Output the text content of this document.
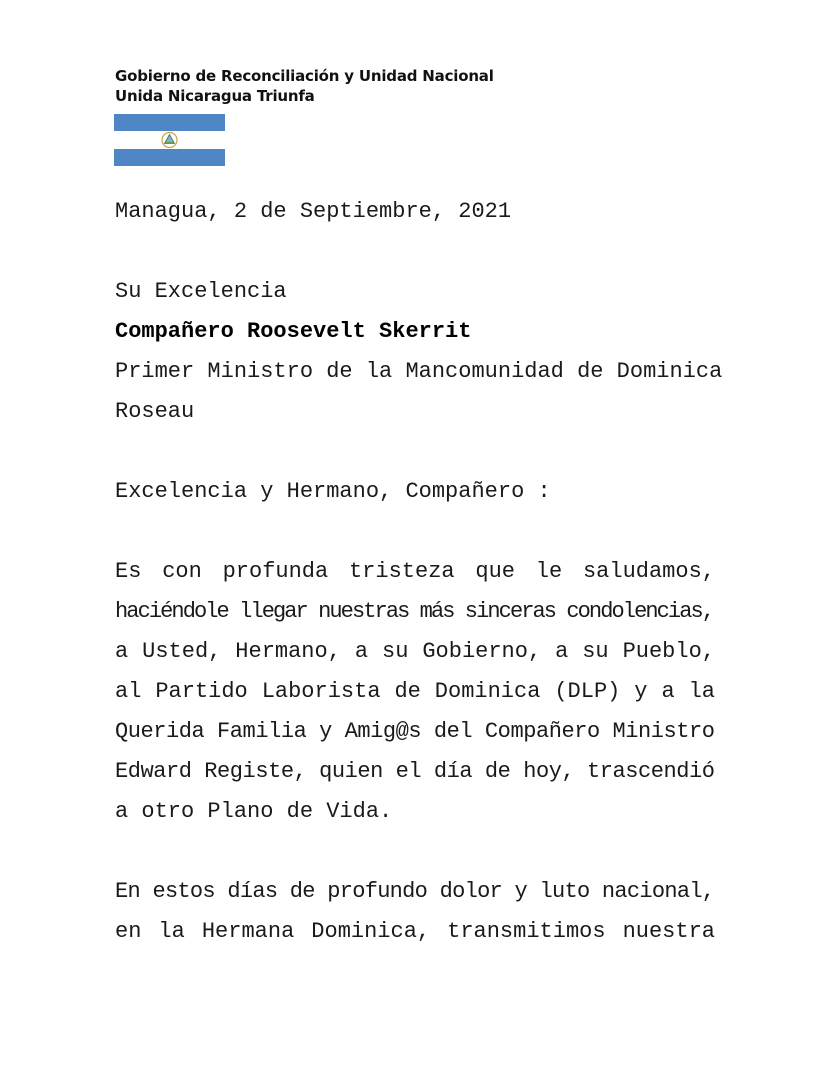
Gobierno de Reconciliación y Unidad Nacional
Unida Nicaragua Triunfa
Managua, 2 de Septiembre, 2021
Su Excelencia
Compañero Roosevelt Skerrit
Primer Ministro de la Mancomunidad de Dominica
Roseau
Excelencia y Hermano, Compañero :
Es con profunda tristeza que le saludamos,
haciéndole llegar nuestras más sinceras condolencias,
a Usted, Hermano, a su Gobierno, a su Pueblo,
al Partido Laborista de Dominica (DLP) y a la
Querida Familia y Amig@s del Compañero Ministro
Edward Registe, quien el día de hoy, trascendió
a otro Plano de Vida.
En estos días de profundo dolor y luto nacional,
en la Hermana Dominica, transmitimos nuestra
